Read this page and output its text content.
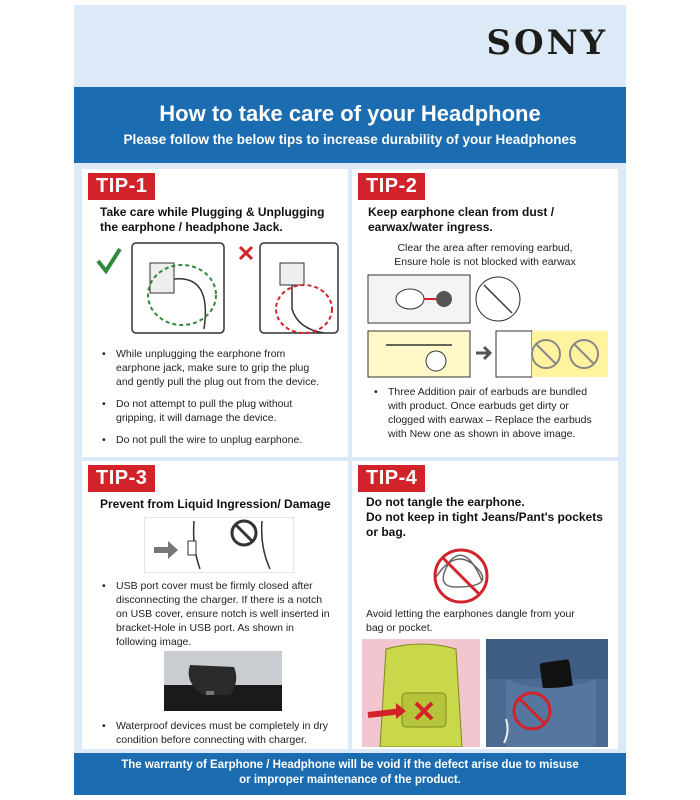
SONY
How to take care of your Headphone
Please follow the below tips to increase durability of your Headphones
TIP-1
Take care while Plugging & Unplugging
the earphone / headphone Jack.
• While unplugging the earphone from
earphone jack, make sure to grip the plug
and gently pull the plug out from the device.
• Do not attempt to pull the plug without
gripping, it will damage the device.
• Do not pull the wire to unplug earphone.
TIP-2
Keep earphone clean from dust /
earwax/water ingress.
Clear the area after removing earbud,
Ensure hole is not blocked with earwax
• Three Addition pair of earbuds are bundled
with product. Once earbuds get dirty or
clogged with earwax – Replace the earbuds
with New one as shown in above image.
TIP-3
Prevent from Liquid Ingression/ Damage
• USB port cover must be firmly closed after
disconnecting the charger. If there is a notch
on USB cover, ensure notch is well inserted in
bracket-Hole in USB port. As shown in
following image.
• Waterproof devices must be completely in dry
condition before connecting with charger.
TIP-4
Do not tangle the earphone.
Do not keep in tight Jeans/Pant's pockets
or bag.
Avoid letting the earphones dangle from your
bag or pocket.
The warranty of Earphone / Headphone will be void if the defect arise due to misuse
or improper maintenance of the product.
